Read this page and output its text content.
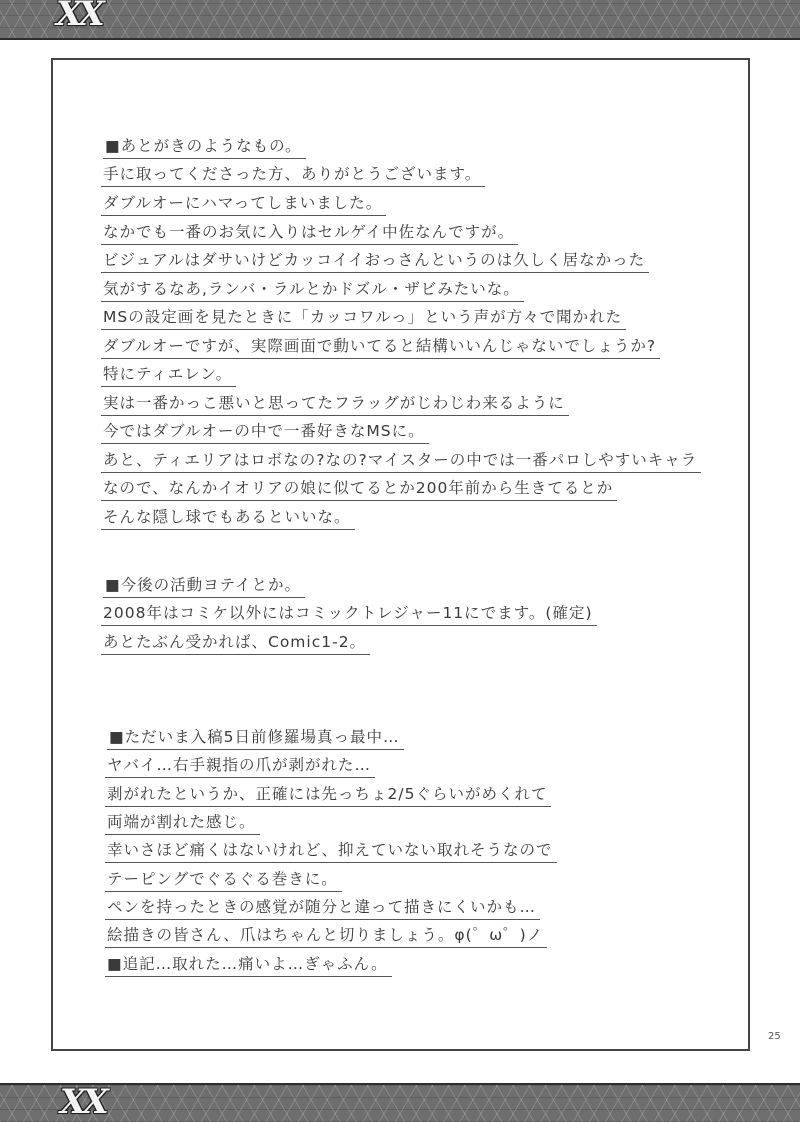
XX
■あとがきのようなもの。
手に取ってくださった方、ありがとうございます。
ダブルオーにハマってしまいました。
なかでも一番のお気に入りはセルゲイ中佐なんですが。
ビジュアルはダサいけどカッコイイおっさんというのは久しく居なかった
気がするなあ,ランバ・ラルとかドズル・ザビみたいな。
MSの設定画を見たときに「カッコワルっ」という声が方々で聞かれた
ダブルオーですが、実際画面で動いてると結構いいんじゃないでしょうか?
特にティエレン。
実は一番かっこ悪いと思ってたフラッグがじわじわ来るように
今ではダブルオーの中で一番好きなMSに。
あと、ティエリアはロボなの?なの?マイスターの中では一番パロしやすいキャラ
なので、なんかイオリアの娘に似てるとか200年前から生きてるとか
そんな隠し球でもあるといいな。
■今後の活動ヨテイとか。
2008年はコミケ以外にはコミックトレジャー11にでます。(確定)
あとたぶん受かれば、Comic1-2。
■ただいま入稿5日前修羅場真っ最中…
ヤバイ…右手親指の爪が剥がれた…
剥がれたというか、正確には先っちょ2/5ぐらいがめくれて
両端が割れた感じ。
幸いさほど痛くはないけれど、抑えていない取れそうなので
テーピングでぐるぐる巻きに。
ペンを持ったときの感覚が随分と違って描きにくいかも…
絵描きの皆さん、爪はちゃんと切りましょう。φ(゜ω゜)ノ
■追記…取れた…痛いよ…ぎゃふん。
25
XX
